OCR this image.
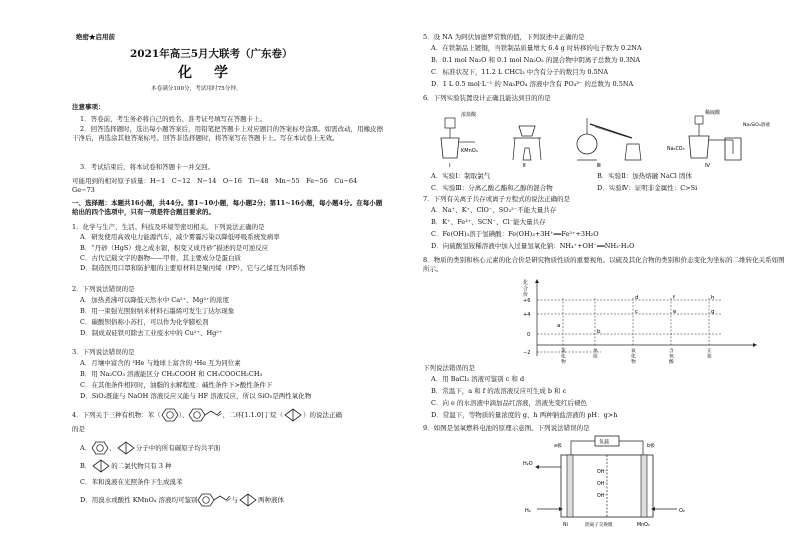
绝密★启用前
2021年高三5月大联考（广东卷）
化　学
本卷满分100分，考试用时75分钟。
注意事项：
1．答卷前，考生务必将自己的姓名、准考证号填写在答题卡上。
2．回答选择题时，选出每小题答案后，用铅笔把答题卡上对应题目的答案标号涂黑。如需改动，用橡皮擦干净后，再选涂其他答案标号。回答非选择题时，将答案写在答题卡上。写在本试卷上无效。
3．考试结束后，将本试卷和答题卡一并交回。
可能用到的相对原子质量：H−1　C−12　N−14　O−16　Ti−48　Mn−55　Fe−56　Cu−64　Ge−73
一、选择题：本题共16小题，共44分。第1~10小题，每小题2分；第11~16小题，每小题4分。在每小题给出的四个选项中，只有一项是符合题目要求的。
1．化学与生产、生活、科技及环境等密切相关。下列说法正确的是
A．研发使用高效电力能源汽车，减少雾霾污染以降低呼吸系统发病率
B．“丹砂（HgS）烧之成水银，积变又成丹砂”描述的是可逆反应
C．古代记载文字的器物——甲骨，其主要成分是蛋白质
D．制造医用口罩和防护服的主要原材料是聚丙烯（PP），它与乙烯互为同系物
2．下列说法错误的是
A．加热煮沸可以降低天然水中 Ca²⁺、Mg²⁺的浓度
B．用一束强光照射纳米材料石墨烯可发生丁达尔现象
C．碳酸钡俗称小苏打，可以作为化学膨松剂
D．制成双硅铁可除去工业废水中的 Cu²⁺、Hg²⁺
3．下列说法错误的是
A．月壤中富含的 ³He 与地球上富含的 ⁴He 互为同位素
B．用 Na₂CO₃ 溶液能区分 CH₃COOH 和 CH₃COOCH₂CH₃
C．在其他条件相同时，油脂的水解程度：碱性条件下>酸性条件下
D．SiO₂既能与 NaOH 溶液反应又能与 HF 溶液反应，所以 SiO₂是两性氧化物
4．下列关于三种有机物：苯（	）、	、二环[1.1.0]丁烷（	）的说法正确
的是
A．	、	分子中的所有碳原子均共平面
B．	的二氯代物只有 3 种
C．苯和溴液在光照条件下生成溴苯
D．用溴水或酸性 KMnO₄ 溶液均可鉴别	与	两种液体
5．设 NA 为阿伏加德罗常数的值，下列叙述中正确的是
A．在铁制品上镀铜，当铁制品质量增大 6.4 g 时转移的电子数为 0.2NA
B．0.1 mol Na₂O 和 0.1 mol Na₂O₂ 的混合物中阴离子总数为 0.3NA
C．标准状况下，11.2 L CHCl₃ 中含有分子的数目为 0.5NA
D．1 L 0.5 mol·L⁻¹ 的 Na₃PO₄ 溶液中含有 PO₄³⁻ 的总数为 0.5NA
6．下列实验装置设计正确且能达到目的的是
浓盐酸
KMnO₄
Ⅰ	Ⅱ	Ⅲ
Na₂CO₃
稀硫酸
Na₂SiO₃溶液
Ⅳ
A．实验Ⅰ：制取氯气	B．实验Ⅱ：加热熔融 NaCl 固体
C．实验Ⅲ：分离乙酸乙酯和乙醇的混合物	D．实验Ⅳ：证明非金属性：C>Si
7．下列有关离子共存或离子方程式的说法正确的是
A．Na⁺、K⁺、ClO⁻、SO₃²⁻不能大量共存
B．K⁺、Fe³⁺、SCN⁻、Cl⁻能大量共存
C．Fe(OH)₃溶于氢碘酸：Fe(OH)₃+3H⁺══Fe³⁺+3H₂O
D．向硫酸氢铵稀溶液中加入过量氢氧化钠：NH₄⁺+OH⁻══NH₃·H₂O
8．物质的类别和核心元素的化合价是研究物质性质的重要视角。以硫及其化合物的类别和价态变化为坐标的二维转化关系如图所示。
化
合
价
+6
+4
0
−2
a
b
c
d
e
f
g
h
氢化物
单质
氧化物
含氧酸
正盐
下列说法错误的是
A．用 BaCl₂ 溶液可鉴别 c 和 d
B．常温下，a 和 f 的浓溶液反应可生成 b 和 c
C．向 e 的水溶液中滴加品红溶液，溶液先变红后褪色
D．常温下，等物质的量浓度的 g、h 两种钠盐溶液的 pH：g>h
9．如图是氢氧燃料电池的原理示意图。下列说法错误的是
负载
a极	b极
OH⁻
OH⁻
OH⁻
H₂O
H₂	O₂
Ni	MnO₂
阴离子交换膜
